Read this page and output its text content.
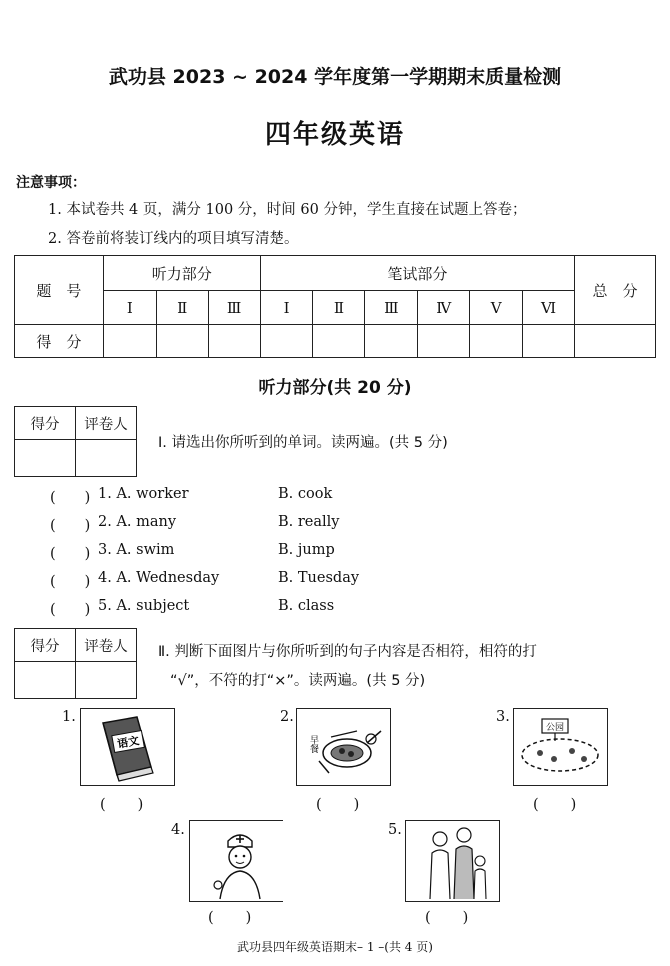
武功县 2023 ~ 2024 学年度第一学期期末质量检测
四年级英语
注意事项：
1. 本试卷共 4 页，满分 100 分，时间 60 分钟，学生直接在试题上答卷；
2. 答卷前将装订线内的项目填写清楚。
题　号	听力部分			笔试部分						总　分
	Ⅰ	Ⅱ	Ⅲ	Ⅰ	Ⅱ	Ⅲ	Ⅳ	Ⅴ	Ⅵ	
得　分										
听力部分(共 20 分)
得分	评卷人

Ⅰ. 请选出你所听到的单词。读两遍。(共 5 分)
(　　) 1. A. worker	B. cook
(　　) 2. A. many	B. really
(　　) 3. A. swim	B. jump
(　　) 4. A. Wednesday	B. Tuesday
(　　) 5. A. subject	B. class
得分	评卷人
	Ⅱ. 判断下面图片与你所听到的句子内容是否相符，相符的打
“√”，不符的打“×”。读两遍。(共 5 分)
1.
语文
(　　)
2.
早餐
(　　)
3.
公园
(　　)
4.
(　　)
5.
(　　)
武功县四年级英语期末– 1 –(共 4 页)
